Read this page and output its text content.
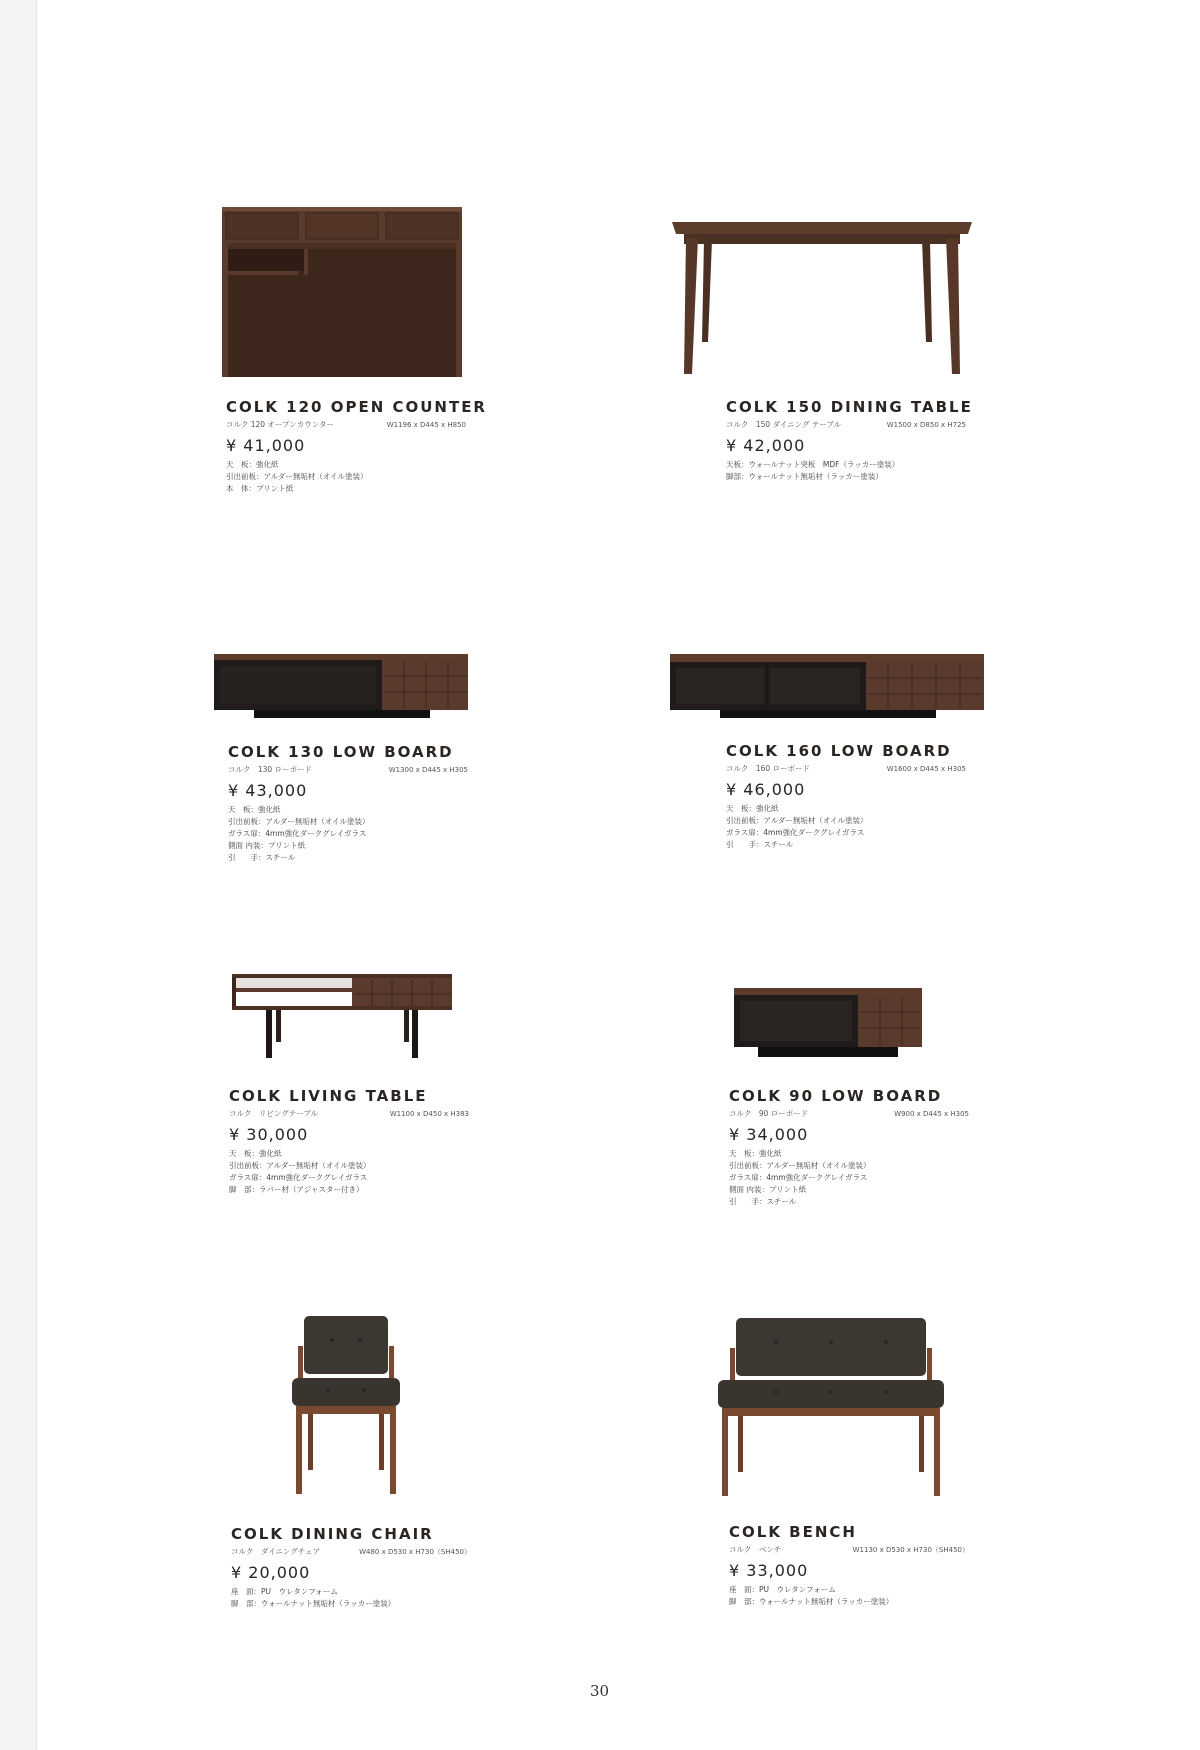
COLK 120 OPEN COUNTER
コルク 120 オープンカウンター	W1196 x D445 x H850
¥ 41,000
天　板：強化紙
引出前板：アルダー無垢材（オイル塗装）
本　体：プリント紙
COLK 150 DINING TABLE
コルク　150 ダイニング テーブル	W1500 x D850 x H725
¥ 42,000
天板：ウォールナット突板　MDF（ラッカー塗装）
脚部：ウォールナット無垢材（ラッカー塗装）
COLK 130 LOW BOARD
コルク　130 ローボード	W1300 x D445 x H305
¥ 43,000
天　板：強化紙
引出前板：アルダー無垢材（オイル塗装）
ガラス扉：4mm強化ダークグレイガラス
側面 内装：プリント紙
引　　手：スチール
COLK 160 LOW BOARD
コルク　160 ローボード	W1600 x D445 x H305
¥ 46,000
天　板：強化紙
引出前板：アルダー無垢材（オイル塗装）
ガラス扉：4mm強化ダークグレイガラス
引　　手：スチール
COLK LIVING TABLE
コルク　リビングテーブル	W1100 x D450 x H383
¥ 30,000
天　板：強化紙
引出前板：アルダー無垢材（オイル塗装）
ガラス扉：4mm強化ダークグレイガラス
脚　部：ラバー材（アジャスター付き）
COLK 90 LOW BOARD
コルク　90 ローボード	W900 x D445 x H305
¥ 34,000
天　板：強化紙
引出前板：アルダー無垢材（オイル塗装）
ガラス扉：4mm強化ダークグレイガラス
側面 内装：プリント紙
引　　手：スチール
COLK DINING CHAIR
コルク　ダイニングチェア	W480 x D530 x H730（SH450）
¥ 20,000
座　面：PU　ウレタンフォーム
脚　部：ウォールナット無垢材（ラッカー塗装）
COLK BENCH
コルク　ベンチ	W1130 x D530 x H730（SH450）
¥ 33,000
座　面：PU　ウレタンフォーム
脚　部：ウォールナット無垢材（ラッカー塗装）
30
